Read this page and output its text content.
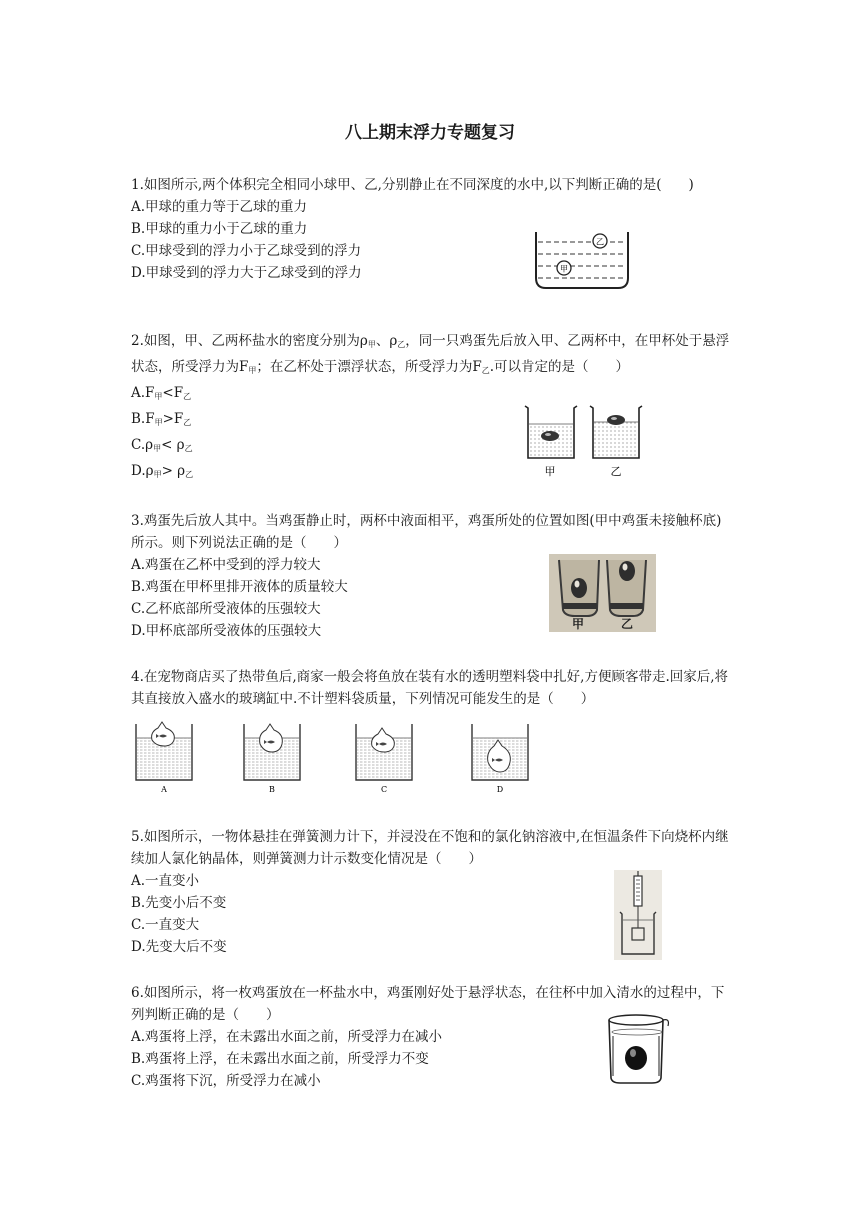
八上期末浮力专题复习
1.如图所示,两个体积完全相同小球甲、乙,分别静止在不同深度的水中,以下判断正确的是(　　)
A.甲球的重力等于乙球的重力
B.甲球的重力小于乙球的重力
C.甲球受到的浮力小于乙球受到的浮力
D.甲球受到的浮力大于乙球受到的浮力
乙
甲
2.如图，甲、乙两杯盐水的密度分别为$\rho_甲$、$\rho_乙$，同一只鸡蛋先后放入甲、乙两杯中，在甲杯处于悬浮状态，所受浮力为$F_甲$；在乙杯处于漂浮状态，所受浮力为$F_乙$.可以肯定的是（　　）
$A.F_甲<F_乙$
$B.F_甲>F_乙$
$C.\rho_甲< \rho_乙$
$D.\rho_甲> \rho_乙$	甲	乙
3.鸡蛋先后放人其中。当鸡蛋静止时，两杯中液面相平，鸡蛋所处的位置如图(甲中鸡蛋未接触杯底)所示。则下列说法正确的是（　　）
A.鸡蛋在乙杯中受到的浮力较大
B.鸡蛋在甲杯里排开液体的质量较大
C.乙杯底部所受液体的压强较大
D.甲杯底部所受液体的压强较大	甲	乙
4.在宠物商店买了热带鱼后,商家一般会将鱼放在装有水的透明塑料袋中扎好,方便顾客带走.回家后,将其直接放入盛水的玻璃缸中.不计塑料袋质量，下列情况可能发生的是（　　）
A	B	C	D
5.如图所示，一物体悬挂在弹簧测力计下，并浸没在不饱和的氯化钠溶液中,在恒温条件下向烧杯内继续加人氯化钠晶体，则弹簧测力计示数变化情况是（　　）
A.一直变小
B.先变小后不变
C.一直变大
D.先变大后不变
6.如图所示，将一枚鸡蛋放在一杯盐水中，鸡蛋刚好处于悬浮状态，在往杯中加入清水的过程中，下列判断正确的是（　　）
A.鸡蛋将上浮，在未露出水面之前，所受浮力在减小
B.鸡蛋将上浮，在未露出水面之前，所受浮力不变
C.鸡蛋将下沉，所受浮力在减小
